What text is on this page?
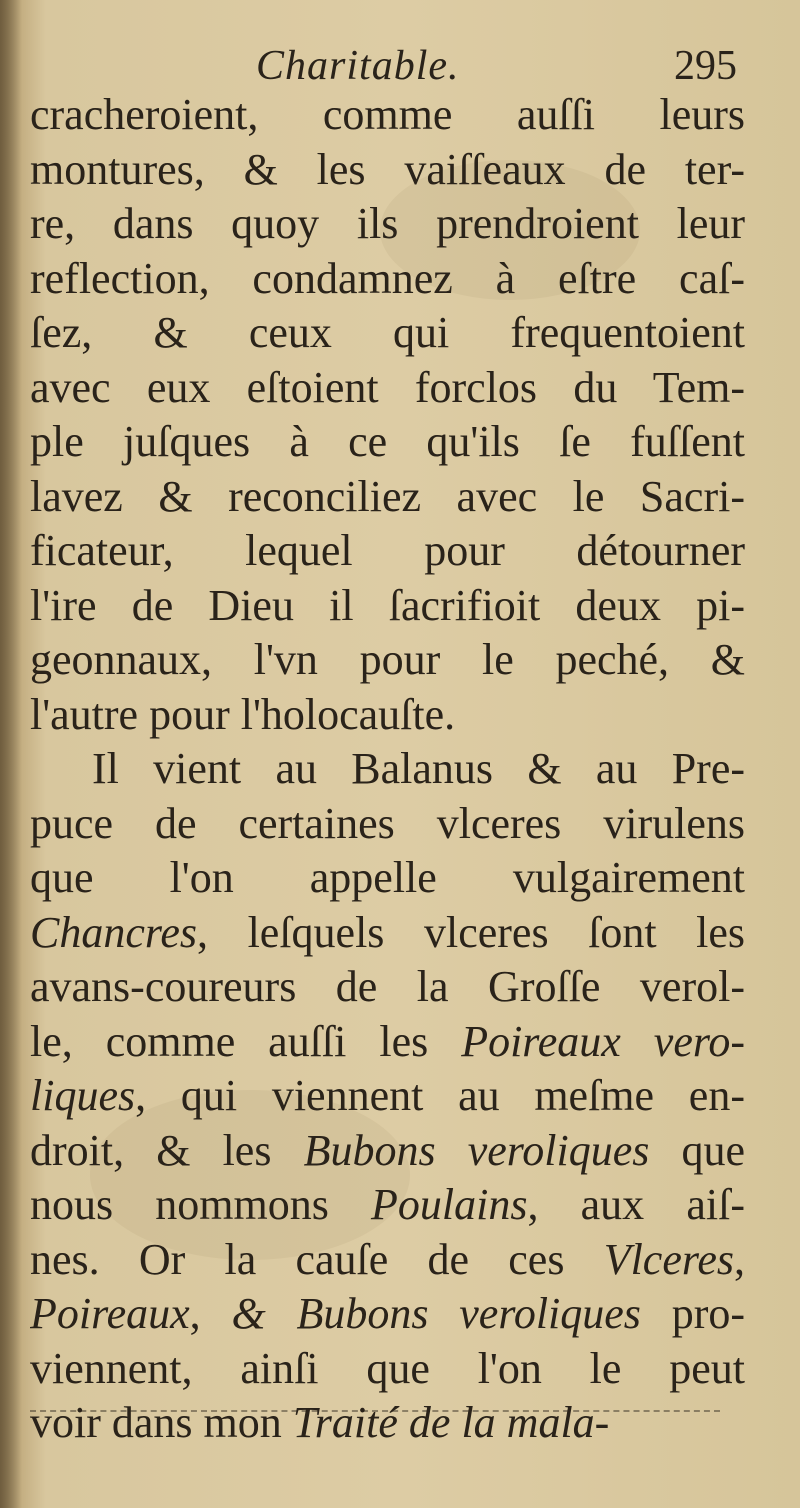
Charitable.	295
cracheroient, comme auſſi leurs
montures, & les vaiſſeaux de ter-
re, dans quoy ils prendroient leur
reflection, condamnez à eſtre caſ-
ſez, & ceux qui frequentoient
avec eux eſtoient forclos du Tem-
ple juſques à ce qu'ils ſe fuſſent
lavez & reconciliez avec le Sacri-
ficateur, lequel pour détourner
l'ire de Dieu il ſacrifioit deux pi-
geonnaux, l'vn pour le peché, &
l'autre pour l'holocauſte.
Il vient au Balanus & au Pre-
puce de certaines vlceres virulens
que l'on appelle vulgairement
Chancres, leſquels vlceres ſont les
avans-coureurs de la Groſſe verol-
le, comme auſſi les Poireaux vero-
liques, qui viennent au meſme en-
droit, & les Bubons veroliques que
nous nommons Poulains, aux aiſ-
nes. Or la cauſe de ces Vlceres,
Poireaux, & Bubons veroliques pro-
viennent, ainſi que l'on le peut
voir dans mon Traité de la mala-
